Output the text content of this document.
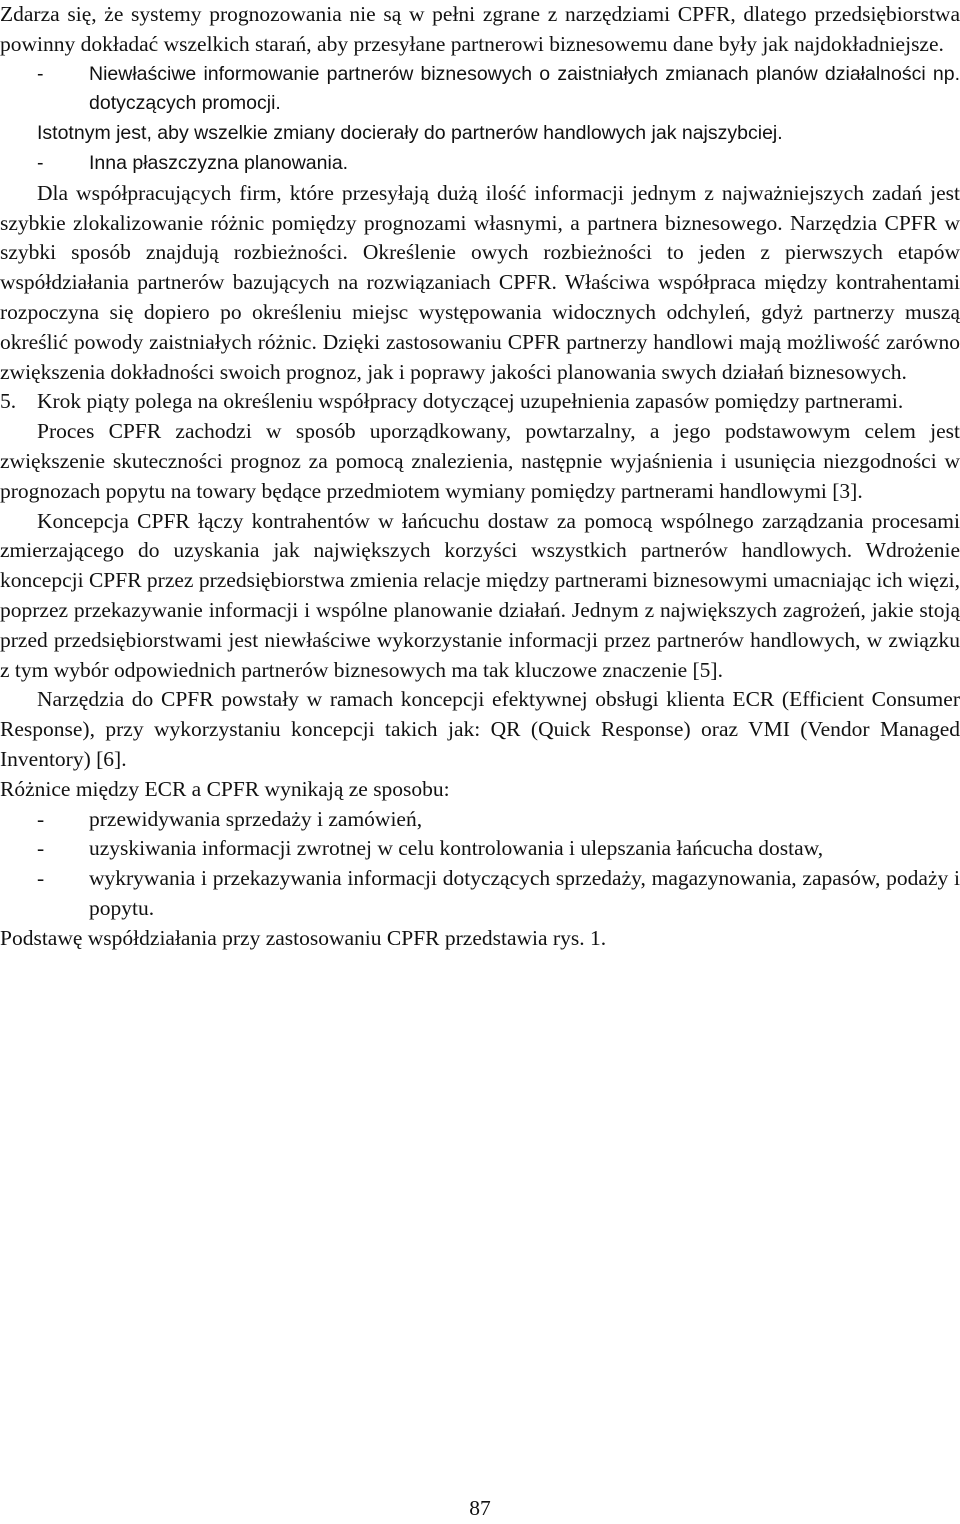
Zdarza się, że systemy prognozowania nie są w pełni zgrane z narzędziami CPFR, dlatego przedsiębiorstwa powinny dokładać wszelkich starań, aby przesyłane partnerowi biznesowemu dane były jak najdokładniejsze.

- Niewłaściwe informowanie partnerów biznesowych o zaistniałych zmianach planów działalności np. dotyczących promocji.

Istotnym jest, aby wszelkie zmiany docierały do partnerów handlowych jak najszybciej.

- Inna płaszczyzna planowania.

Dla współpracujących firm, które przesyłają dużą ilość informacji jednym z najważniejszych zadań jest szybkie zlokalizowanie różnic pomiędzy prognozami własnymi, a partnera biznesowego. Narzędzia CPFR w szybki sposób znajdują rozbieżności. Określenie owych rozbieżności to jeden z pierwszych etapów współdziałania partnerów bazujących na rozwiązaniach CPFR. Właściwa współpraca między kontrahentami rozpoczyna się dopiero po określeniu miejsc występowania widocznych odchyleń, gdyż partnerzy muszą określić powody zaistniałych różnic. Dzięki zastosowaniu CPFR partnerzy handlowi mają możliwość zarówno zwiększenia dokładności swoich prognoz, jak i poprawy jakości planowania swych działań biznesowych.

5. Krok piąty polega na określeniu współpracy dotyczącej uzupełnienia zapasów pomiędzy partnerami.

Proces CPFR zachodzi w sposób uporządkowany, powtarzalny, a jego podstawowym celem jest zwiększenie skuteczności prognoz za pomocą znalezienia, następnie wyjaśnienia i usunięcia niezgodności w prognozach popytu na towary będące przedmiotem wymiany pomiędzy partnerami handlowymi [3].

Koncepcja CPFR łączy kontrahentów w łańcuchu dostaw za pomocą wspólnego zarządzania procesami zmierzającego do uzyskania jak największych korzyści wszystkich partnerów handlowych. Wdrożenie koncepcji CPFR przez przedsiębiorstwa zmienia relacje między partnerami biznesowymi umacniając ich więzi, poprzez przekazywanie informacji i wspólne planowanie działań. Jednym z największych zagrożeń, jakie stoją przed przedsiębiorstwami jest niewłaściwe wykorzystanie informacji przez partnerów handlowych, w związku z tym wybór odpowiednich partnerów biznesowych ma tak kluczowe znaczenie [5].

Narzędzia do CPFR powstały w ramach koncepcji efektywnej obsługi klienta ECR (Efficient Consumer Response), przy wykorzystaniu koncepcji takich jak: QR (Quick Response) oraz VMI (Vendor Managed Inventory) [6].

Różnice między ECR a CPFR wynikają ze sposobu:

- przewidywania sprzedaży i zamówień,
- uzyskiwania informacji zwrotnej w celu kontrolowania i ulepszania łańcucha dostaw,
- wykrywania i przekazywania informacji dotyczących sprzedaży, magazynowania, zapasów, podaży i popytu.

Podstawę współdziałania przy zastosowaniu CPFR przedstawia rys. 1.

87
